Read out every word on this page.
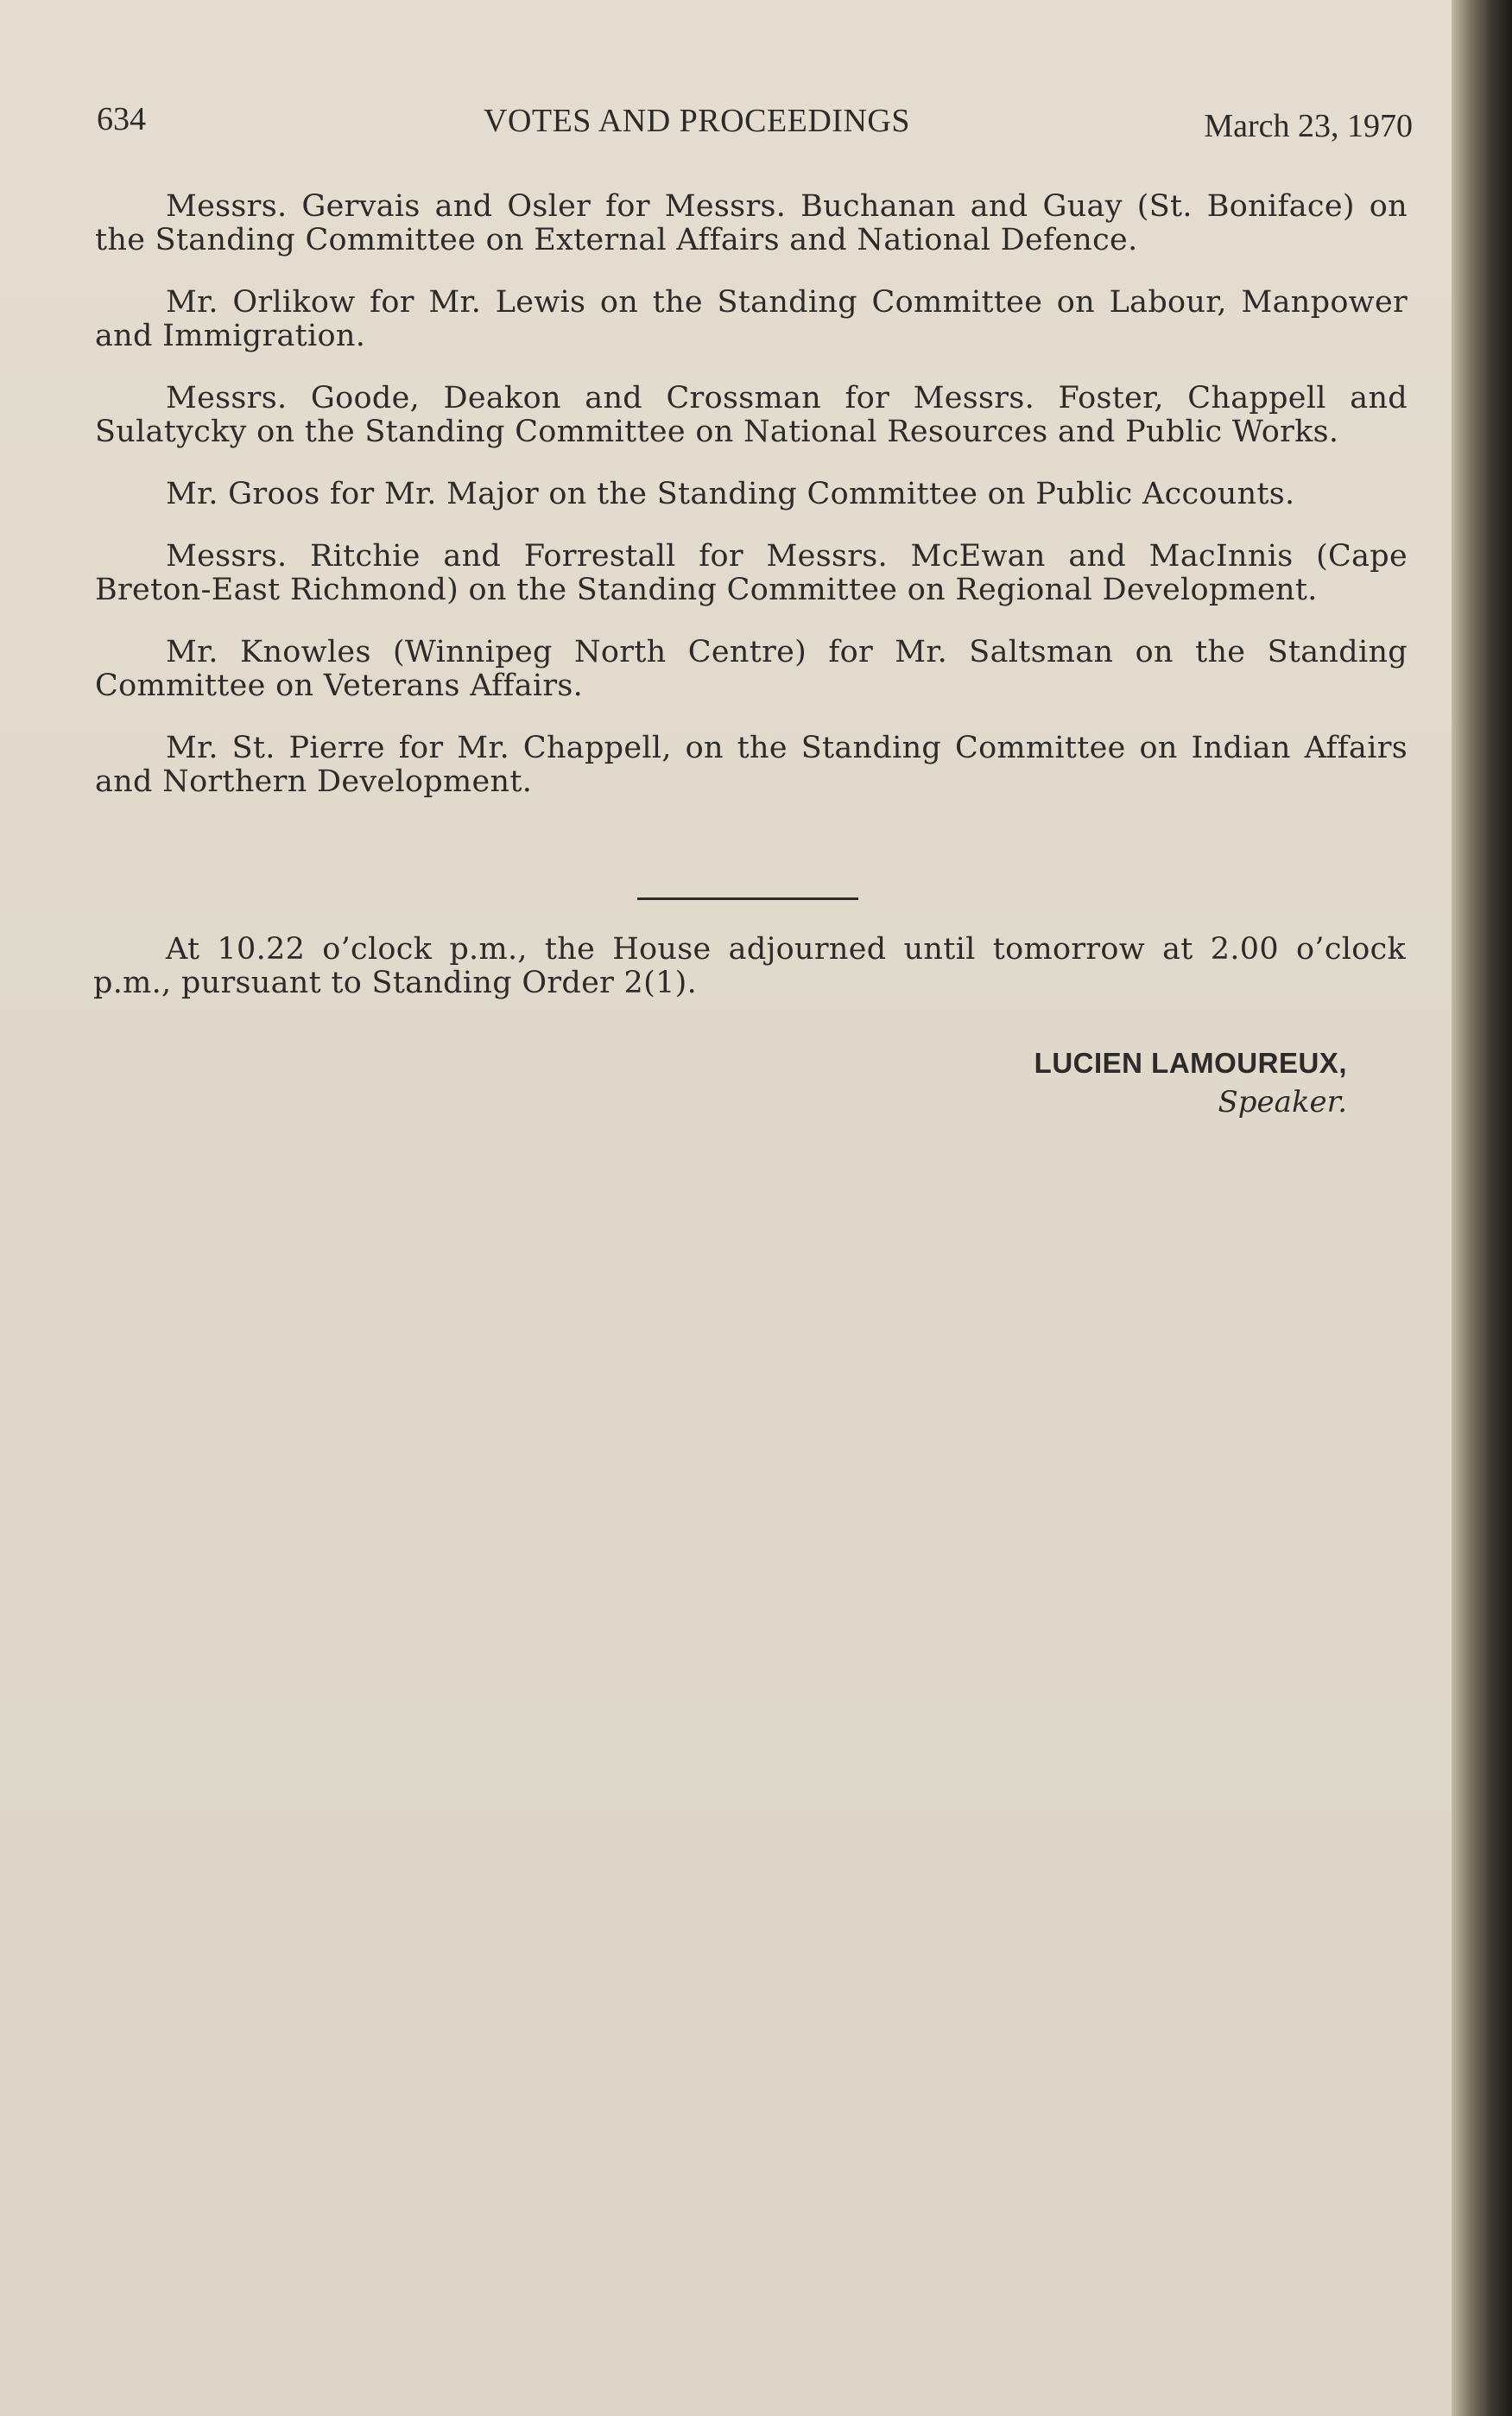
634	VOTES AND PROCEEDINGS	March 23, 1970

Messrs. Gervais and Osler for Messrs. Buchanan and Guay (St. Boniface) on the Standing Committee on External Affairs and National Defence.

Mr. Orlikow for Mr. Lewis on the Standing Committee on Labour, Manpower and Immigration.

Messrs. Goode, Deakon and Crossman for Messrs. Foster, Chappell and Sulatycky on the Standing Committee on National Resources and Public Works.

Mr. Groos for Mr. Major on the Standing Committee on Public Accounts.

Messrs. Ritchie and Forrestall for Messrs. McEwan and MacInnis (Cape Breton-East Richmond) on the Standing Committee on Regional Development.

Mr. Knowles (Winnipeg North Centre) for Mr. Saltsman on the Standing Committee on Veterans Affairs.

Mr. St. Pierre for Mr. Chappell, on the Standing Committee on Indian Affairs and Northern Development.

At 10.22 o’clock p.m., the House adjourned until tomorrow at 2.00 o’clock p.m., pursuant to Standing Order 2(1).

LUCIEN LAMOUREUX,
Speaker.
